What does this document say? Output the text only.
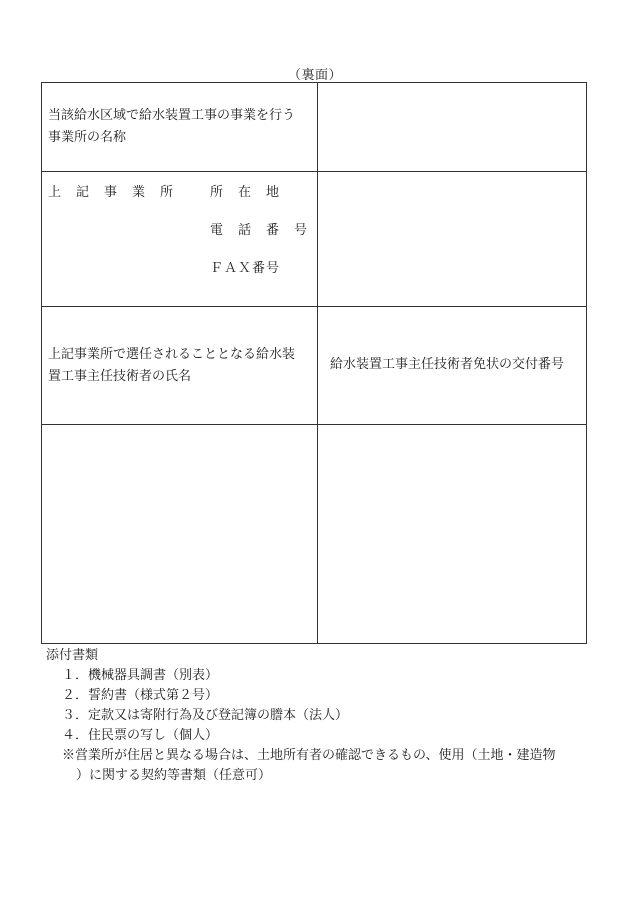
（裏面）
当該給水区域で給水装置工事の事業を行う
事業所の名称
上　記　事　業　所	所　在　地
電　話　番　号
ＦＡＸ番号
上記事業所で選任されることとなる給水装
置工事主任技術者の氏名
給水装置工事主任技術者免状の交付番号
添付書類
１．機械器具調書（別表）
２．誓約書（様式第２号）
３．定款又は寄附行為及び登記簿の謄本（法人）
４．住民票の写し（個人）
※営業所が住居と異なる場合は、土地所有者の確認できるもの、使用（土地・建造物
）に関する契約等書類（任意可）
